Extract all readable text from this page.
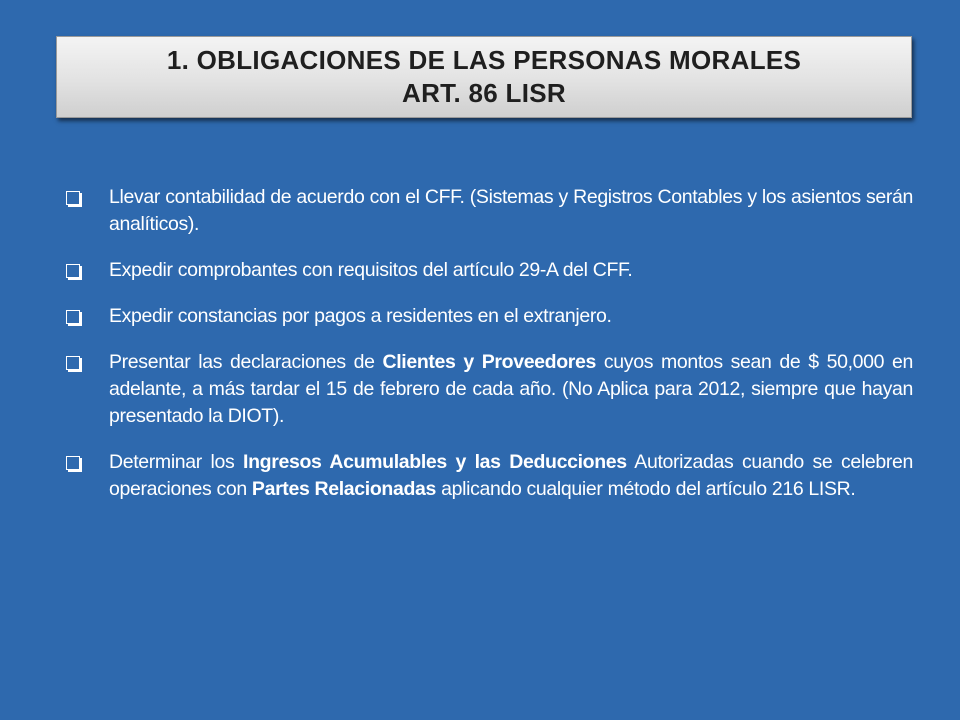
1. OBLIGACIONES DE LAS PERSONAS MORALES
ART. 86 LISR
Llevar contabilidad de acuerdo con el CFF. (Sistemas y Registros Contables y los asientos serán analíticos).
Expedir comprobantes con requisitos del artículo 29-A del CFF.
Expedir constancias por pagos a residentes en el extranjero.
Presentar las declaraciones de Clientes y Proveedores cuyos montos sean de $ 50,000 en adelante, a más tardar el 15 de febrero de cada año. (No Aplica para 2012, siempre que hayan presentado la DIOT).
Determinar los Ingresos Acumulables y las Deducciones Autorizadas cuando se celebren operaciones con Partes Relacionadas aplicando cualquier método del artículo 216 LISR.
